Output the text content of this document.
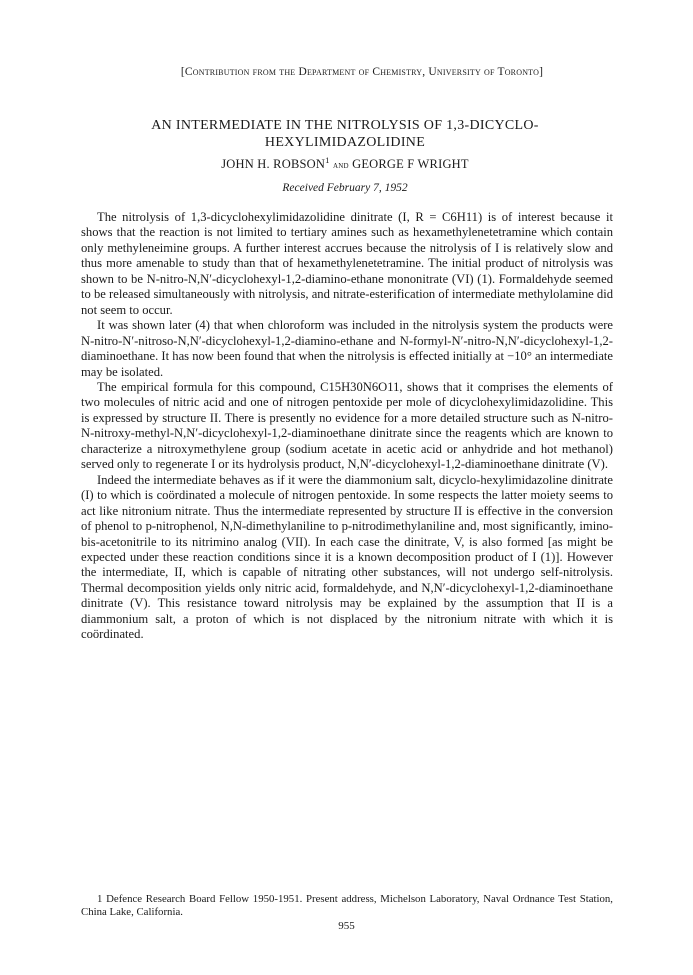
[Contribution from the Department of Chemistry, University of Toronto]
AN INTERMEDIATE IN THE NITROLYSIS OF 1,3-DICYCLO-
HEXYLIMIDAZOLIDINE
JOHN H. ROBSON$^1$ and GEORGE F WRIGHT
Received February 7, 1952

The nitrolysis of 1,3-dicyclohexylimidazolidine dinitrate (I, R = C6H11) is of interest because it shows that the reaction is not limited to tertiary amines such as hexamethylenetetramine which contain only methyleneimine groups. A further interest accrues because the nitrolysis of I is relatively slow and thus more amenable to study than that of hexamethylenetetramine. The initial product of nitrolysis was shown to be N-nitro-N,N′-dicyclohexyl-1,2-diamino-ethane mononitrate (VI) (1). Formaldehyde seemed to be released simultaneously with nitrolysis, and nitrate-esterification of intermediate methylolamine did not seem to occur.

It was shown later (4) that when chloroform was included in the nitrolysis system the products were N-nitro-N′-nitroso-N,N′-dicyclohexyl-1,2-diamino-ethane and N-formyl-N′-nitro-N,N′-dicyclohexyl-1,2-diaminoethane. It has now been found that when the nitrolysis is effected initially at −10° an intermediate may be isolated.

The empirical formula for this compound, C15H30N6O11, shows that it comprises the elements of two molecules of nitric acid and one of nitrogen pentoxide per mole of dicyclohexylimidazolidine. This is expressed by structure II. There is presently no evidence for a more detailed structure such as N-nitro-N-nitroxy-methyl-N,N′-dicyclohexyl-1,2-diaminoethane dinitrate since the reagents which are known to characterize a nitroxymethylene group (sodium acetate in acetic acid or anhydride and hot methanol) served only to regenerate I or its hydrolysis product, N,N′-dicyclohexyl-1,2-diaminoethane dinitrate (V).

Indeed the intermediate behaves as if it were the diammonium salt, dicyclo-hexylimidazoline dinitrate (I) to which is coördinated a molecule of nitrogen pentoxide. In some respects the latter moiety seems to act like nitronium nitrate. Thus the intermediate represented by structure II is effective in the conversion of phenol to p-nitrophenol, N,N-dimethylaniline to p-nitrodimethylaniline and, most significantly, imino-bis-acetonitrile to its nitrimino analog (VII). In each case the dinitrate, V, is also formed [as might be expected under these reaction conditions since it is a known decomposition product of I (1)]. However the intermediate, II, which is capable of nitrating other substances, will not undergo self-nitrolysis. Thermal decomposition yields only nitric acid, formaldehyde, and N,N′-dicyclohexyl-1,2-diaminoethane dinitrate (V). This resistance toward nitrolysis may be explained by the assumption that II is a diammonium salt, a proton of which is not displaced by the nitronium nitrate with which it is coördinated.

1 Defence Research Board Fellow 1950-1951. Present address, Michelson Laboratory, Naval Ordnance Test Station, China Lake, California.
955
